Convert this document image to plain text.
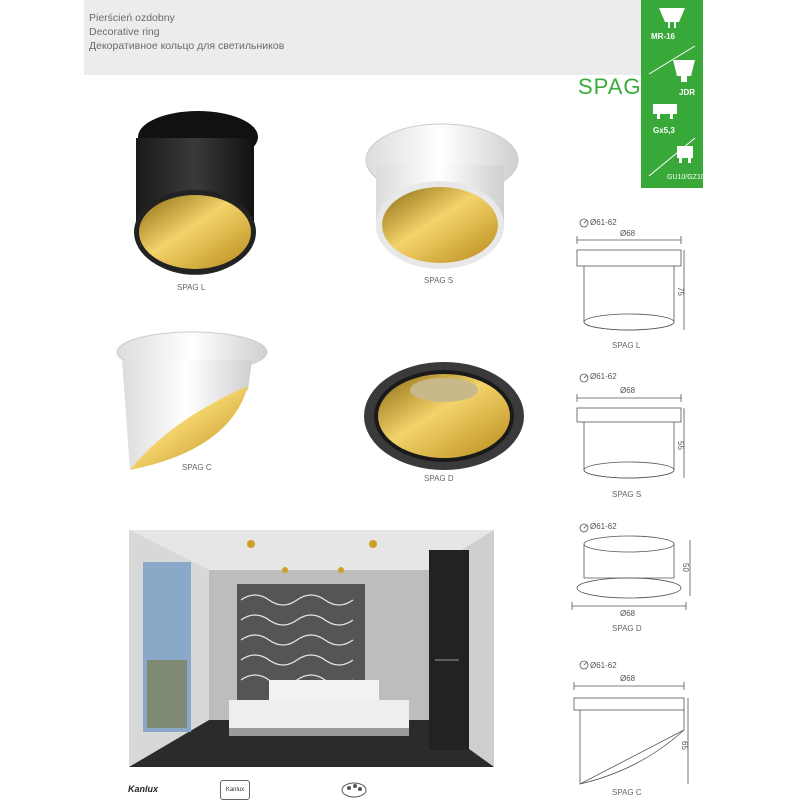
Pierścień ozdobny
Decorative ring
Декоративное кольцо для светильников
MR-16
JDR
Gx5,3
GU10/GZ10
SPAG
SPAG L
SPAG S
SPAG C
SPAG D
Ø61-62
Ø68
75
SPAG L
Ø61-62
Ø68
55
SPAG S
Ø61-62
50
Ø68
SPAG D
Ø61-62
Ø68
65
SPAG C
Kanlux	Kanlux
